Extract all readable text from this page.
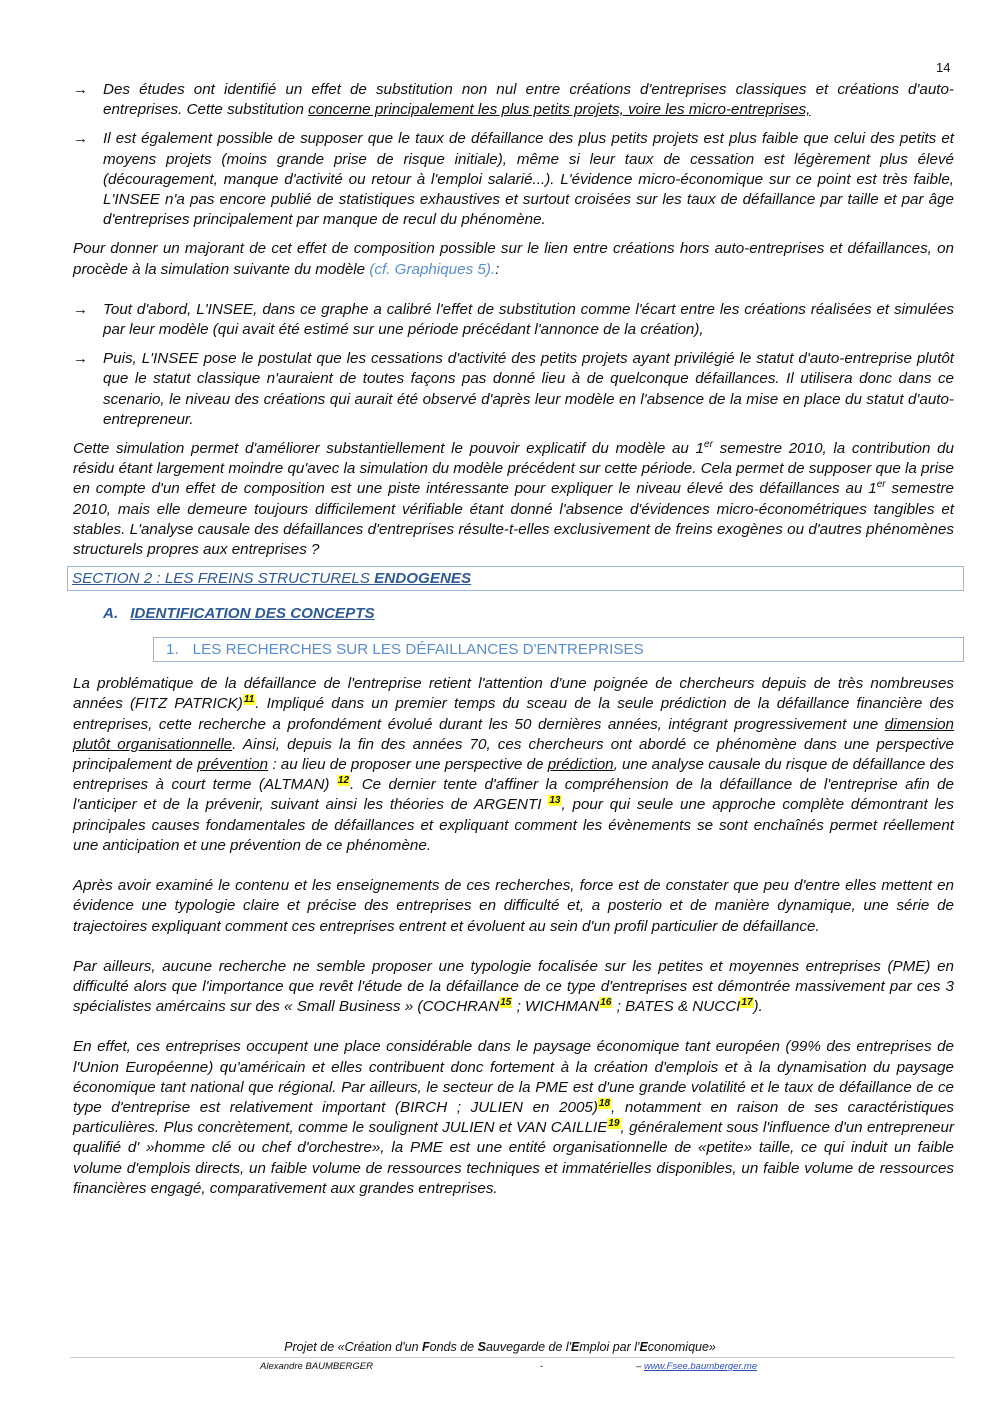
14
→ Des études ont identifié un effet de substitution non nul entre créations d'entreprises classiques et créations d'auto-entreprises. Cette substitution concerne principalement les plus petits projets, voire les micro-entreprises,
→ Il est également possible de supposer que le taux de défaillance des plus petits projets est plus faible que celui des petits et moyens projets (moins grande prise de risque initiale), même si leur taux de cessation est légèrement plus élevé (découragement, manque d'activité ou retour à l'emploi salarié...). L'évidence micro-économique sur ce point est très faible, L'INSEE n'a pas encore publié de statistiques exhaustives et surtout croisées sur les taux de défaillance par taille et par âge d'entreprises principalement par manque de recul du phénomène.

Pour donner un majorant de cet effet de composition possible sur le lien entre créations hors auto-entreprises et défaillances, on procède à la simulation suivante du modèle (cf. Graphiques 5).:

→ Tout d'abord, L'INSEE, dans ce graphe a calibré l'effet de substitution comme l'écart entre les créations réalisées et simulées par leur modèle (qui avait été estimé sur une période précédant l'annonce de la création),
→ Puis, L'INSEE pose le postulat que les cessations d'activité des petits projets ayant privilégié le statut d'auto-entreprise plutôt que le statut classique n'auraient de toutes façons pas donné lieu à de quelconque défaillances. Il utilisera donc dans ce scenario, le niveau des créations qui aurait été observé d'après leur modèle en l'absence de la mise en place du statut d'auto-entrepreneur.

Cette simulation permet d'améliorer substantiellement le pouvoir explicatif du modèle au 1er semestre 2010, la contribution du résidu étant largement moindre qu'avec la simulation du modèle précédent sur cette période. Cela permet de supposer que la prise en compte d'un effet de composition est une piste intéressante pour expliquer le niveau élevé des défaillances au 1er semestre 2010, mais elle demeure toujours difficilement vérifiable étant donné l'absence d'évidences micro-économétriques tangibles et stables. L'analyse causale des défaillances d'entreprises résulte-t-elles exclusivement de freins exogènes ou d'autres phénomènes structurels propres aux entreprises ?

SECTION 2 : LES FREINS STRUCTURELS ENDOGENES
A. IDENTIFICATION DES CONCEPTS
1. LES RECHERCHES SUR LES DÉFAILLANCES D'ENTREPRISES

La problématique de la défaillance de l'entreprise retient l'attention d'une poignée de chercheurs depuis de très nombreuses années (FITZ PATRICK)$^{11}$. Impliqué dans un premier temps du sceau de la seule prédiction de la défaillance financière des entreprises, cette recherche a profondément évolué durant les 50 dernières années, intégrant progressivement une dimension plutôt organisationnelle. Ainsi, depuis la fin des années 70, ces chercheurs ont abordé ce phénomène dans une perspective principalement de prévention : au lieu de proposer une perspective de prédiction, une analyse causale du risque de défaillance des entreprises à court terme (ALTMAN) $^{12}$. Ce dernier tente d'affiner la compréhension de la défaillance de l'entreprise afin de l'anticiper et de la prévenir, suivant ainsi les théories de ARGENTI $^{13}$, pour qui seule une approche complète démontrant les principales causes fondamentales de défaillances et expliquant comment les évènements se sont enchaînés permet réellement une anticipation et une prévention de ce phénomène.

Après avoir examiné le contenu et les enseignements de ces recherches, force est de constater que peu d'entre elles mettent en évidence une typologie claire et précise des entreprises en difficulté et, a posterio et de manière dynamique, une série de trajectoires expliquant comment ces entreprises entrent et évoluent au sein d'un profil particulier de défaillance.

Par ailleurs, aucune recherche ne semble proposer une typologie focalisée sur les petites et moyennes entreprises (PME) en difficulté alors que l'importance que revêt l'étude de la défaillance de ce type d'entreprises est démontrée massivement par ces 3 spécialistes amércains sur des « Small Business » (COCHRAN$^{15}$ ; WICHMAN$^{16}$ ; BATES & NUCCI$^{17}$).

En effet, ces entreprises occupent une place considérable dans le paysage économique tant européen (99% des entreprises de l'Union Européenne) qu'américain et elles contribuent donc fortement à la création d'emplois et à la dynamisation du paysage économique tant national que régional. Par ailleurs, le secteur de la PME est d'une grande volatilité et le taux de défaillance de ce type d'entreprise est relativement important (BIRCH ; JULIEN en 2005)$^{18}$, notamment en raison de ses caractéristiques particulières. Plus concrètement, comme le soulignent JULIEN et VAN CAILLIE$^{19}$, généralement sous l'influence d'un entrepreneur qualifié d' »homme clé ou chef d'orchestre», la PME est une entité organisationnelle de «petite» taille, ce qui induit un faible volume d'emplois directs, un faible volume de ressources techniques et immatérielles disponibles, un faible volume de ressources financières engagé, comparativement aux grandes entreprises.

Projet de «Création d'un Fonds de Sauvegarde de l'Emploi par l'Economique»
Alexandre BAUMBERGER	-	– www.Fsee.baumberger.me
